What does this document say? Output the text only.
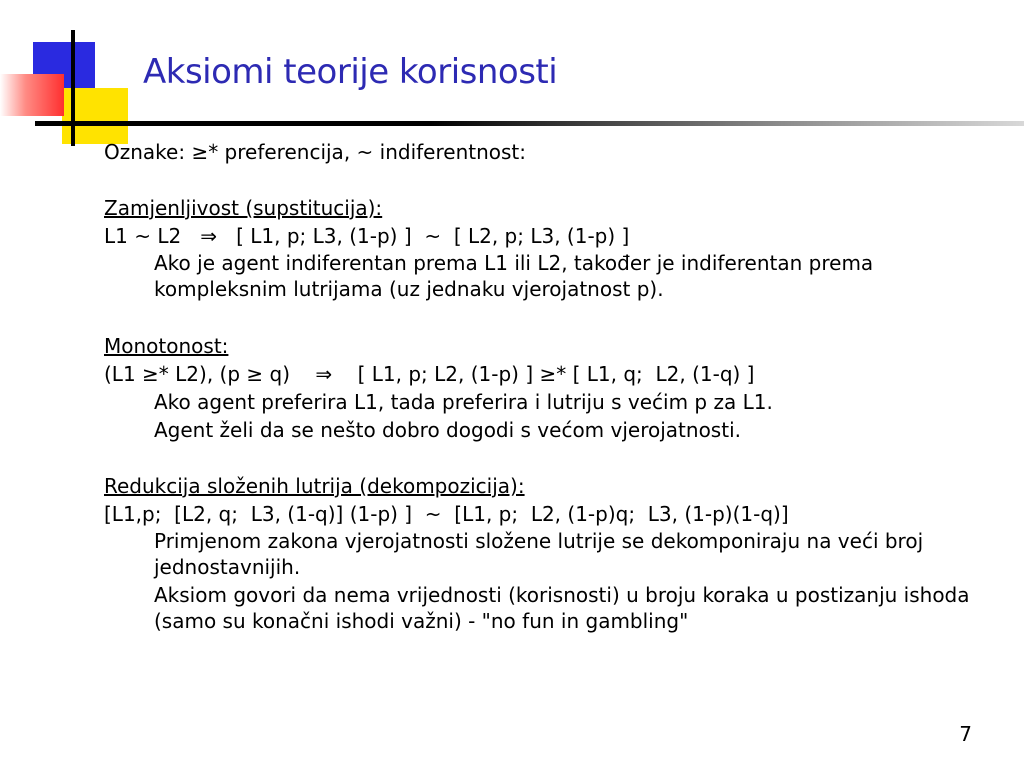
Aksiomi teorije korisnosti

Oznake: ≥* preferencija, ~ indiferentnost:

Zamjenljivost (supstitucija):

L1 ~ L2   ⇒   [ L1, p; L3, (1-p) ]  ~  [ L2, p; L3, (1-p) ]

Ako je agent indiferentan prema L1 ili L2, također je indiferentan prema kompleksnim lutrijama (uz jednaku vjerojatnost p).

Monotonost:

(L1 ≥* L2), (p ≥ q)    ⇒    [ L1, p; L2, (1-p) ] ≥* [ L1, q;  L2, (1-q) ]

Ako agent preferira L1, tada preferira i lutriju s većim p za L1.

Agent želi da se nešto dobro dogodi s većom vjerojatnosti.

Redukcija složenih lutrija (dekompozicija):

[L1,p;  [L2, q;  L3, (1-q)] (1-p) ]  ~  [L1, p;  L2, (1-p)q;  L3, (1-p)(1-q)]

Primjenom zakona vjerojatnosti složene lutrije se dekomponiraju na veći broj jednostavnijih.

Aksiom govori da nema vrijednosti (korisnosti) u broju koraka u postizanju ishoda (samo su konačni ishodi važni) - "no fun in gambling"

7
